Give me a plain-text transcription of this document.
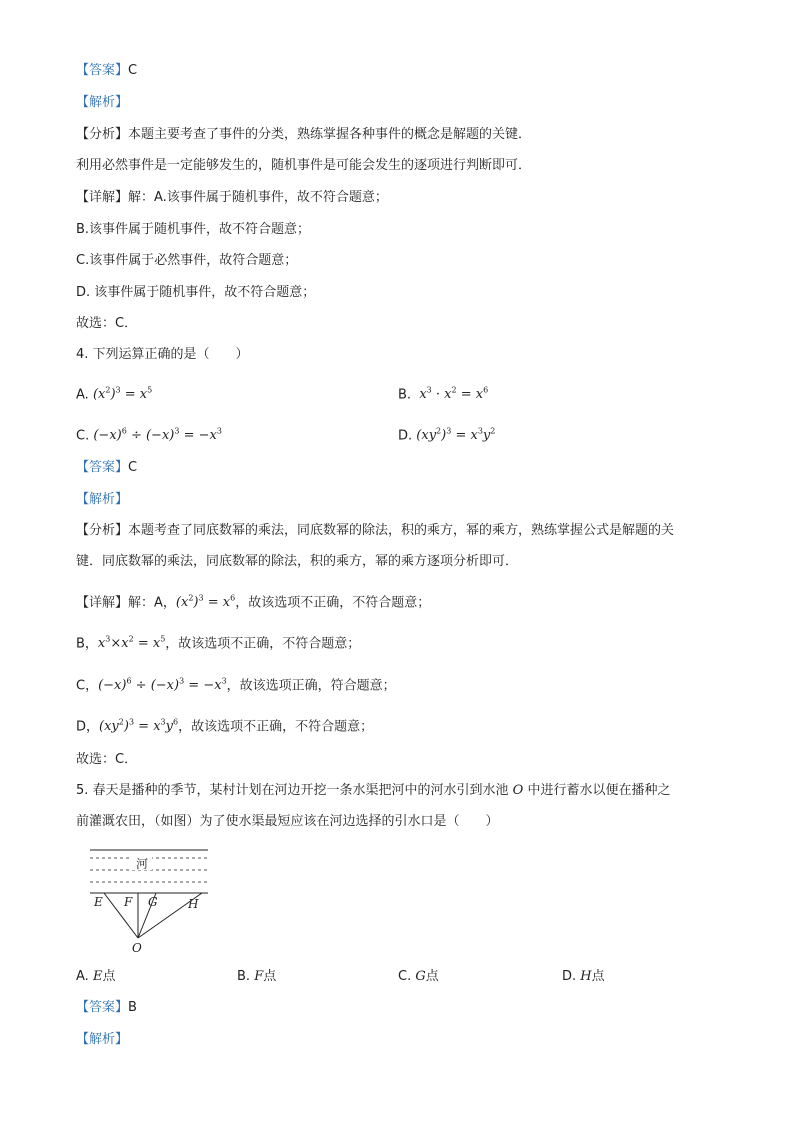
【答案】C
【解析】
【分析】本题主要考查了事件的分类，熟练掌握各种事件的概念是解题的关键．
利用必然事件是一定能够发生的，随机事件是可能会发生的逐项进行判断即可．
【详解】解：A.该事件属于随机事件，故不符合题意；
B.该事件属于随机事件，故不符合题意；
C.该事件属于必然事件，故符合题意；
D. 该事件属于随机事件，故不符合题意；
故选：C．
4. 下列运算正确的是（　　）
A. $(x^2)^3 = x^5$	B. $x^3 \cdot x^2 = x^6$
C. $(-x)^6 \div (-x)^3 = -x^3$	D. $(xy^2)^3 = x^3y^2$
【答案】C
【解析】
【分析】本题考查了同底数幂的乘法，同底数幂的除法，积的乘方，幂的乘方，熟练掌握公式是解题的关
键．同底数幂的乘法，同底数幂的除法，积的乘方，幂的乘方逐项分析即可．
【详解】解：A，$(x^2)^3 = x^6$，故该选项不正确，不符合题意；
B，$x^3\times x^2 = x^5$，故该选项不正确，不符合题意；
C，$(-x)^6 \div (-x)^3 = -x^3$，故该选项正确，符合题意；
D，$(xy^2)^3 = x^3y^6$，故该选项不正确，不符合题意；
故选：C．
5. 春天是播种的季节，某村计划在河边开挖一条水渠把河中的河水引到水池 O 中进行蓄水以便在播种之
前灌溉农田，（如图）为了使水渠最短应该在河边选择的引水口是（　　）
河
E F G	H
O
A. E点	B. F点	C. G点	D. H点
【答案】B
【解析】
